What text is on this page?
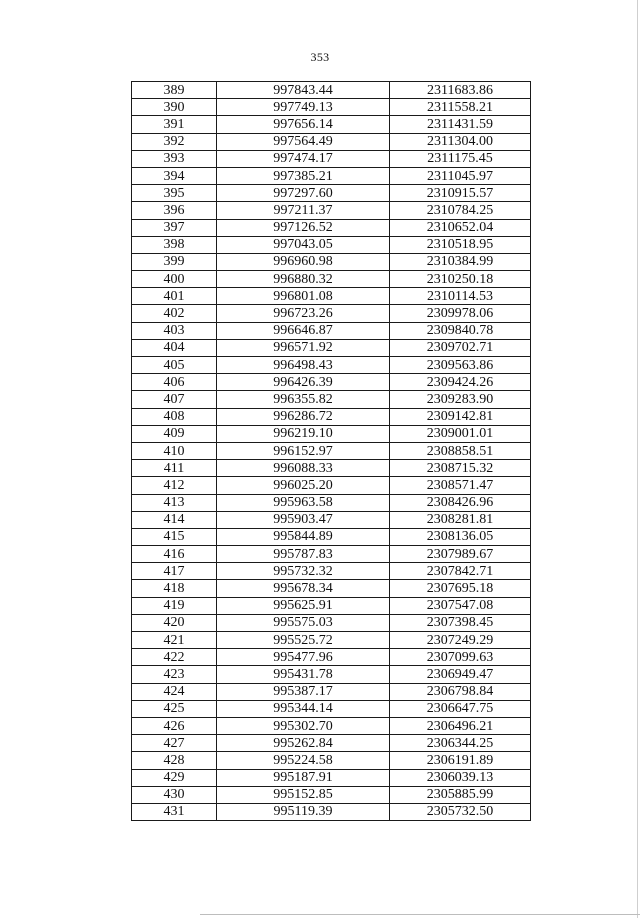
353
389	997843.44	2311683.86
390	997749.13	2311558.21
391	997656.14	2311431.59
392	997564.49	2311304.00
393	997474.17	2311175.45
394	997385.21	2311045.97
395	997297.60	2310915.57
396	997211.37	2310784.25
397	997126.52	2310652.04
398	997043.05	2310518.95
399	996960.98	2310384.99
400	996880.32	2310250.18
401	996801.08	2310114.53
402	996723.26	2309978.06
403	996646.87	2309840.78
404	996571.92	2309702.71
405	996498.43	2309563.86
406	996426.39	2309424.26
407	996355.82	2309283.90
408	996286.72	2309142.81
409	996219.10	2309001.01
410	996152.97	2308858.51
411	996088.33	2308715.32
412	996025.20	2308571.47
413	995963.58	2308426.96
414	995903.47	2308281.81
415	995844.89	2308136.05
416	995787.83	2307989.67
417	995732.32	2307842.71
418	995678.34	2307695.18
419	995625.91	2307547.08
420	995575.03	2307398.45
421	995525.72	2307249.29
422	995477.96	2307099.63
423	995431.78	2306949.47
424	995387.17	2306798.84
425	995344.14	2306647.75
426	995302.70	2306496.21
427	995262.84	2306344.25
428	995224.58	2306191.89
429	995187.91	2306039.13
430	995152.85	2305885.99
431	995119.39	2305732.50
